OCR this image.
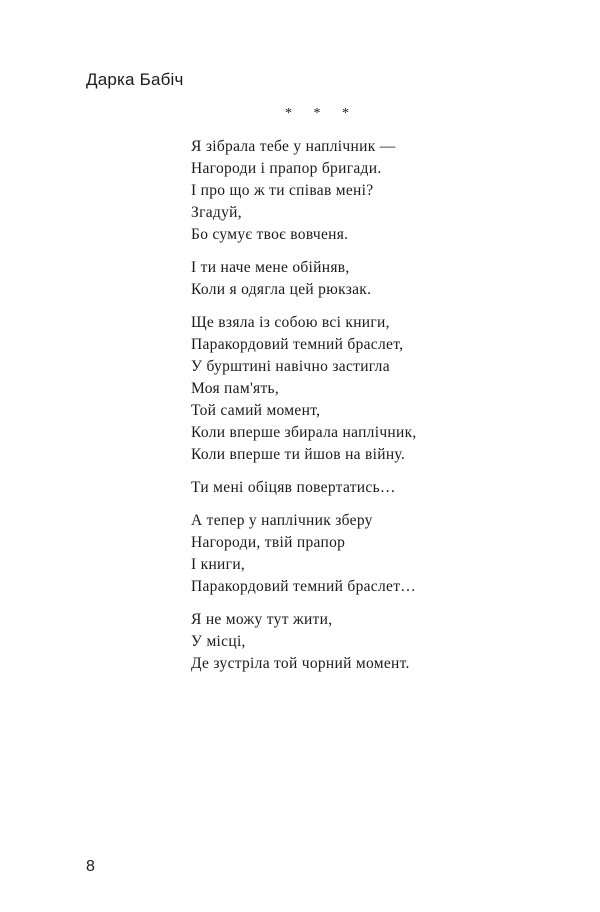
Дарка Бабіч
* * *
Я зібрала тебе у наплічник —
Нагороди і прапор бригади.
І про що ж ти співав мені?
Згадуй,
Бо сумує твоє вовченя.
І ти наче мене обійняв,
Коли я одягла цей рюкзак.
Ще взяла із собою всі книги,
Паракордовий темний браслет,
У бурштині навічно застигла
Моя пам'ять,
Той самий момент,
Коли вперше збирала наплічник,
Коли вперше ти йшов на війну.
Ти мені обіцяв повертатись…
А тепер у наплічник зберу
Нагороди, твій прапор
І книги,
Паракордовий темний браслет…
Я не можу тут жити,
У місці,
Де зустріла той чорний момент.
8
